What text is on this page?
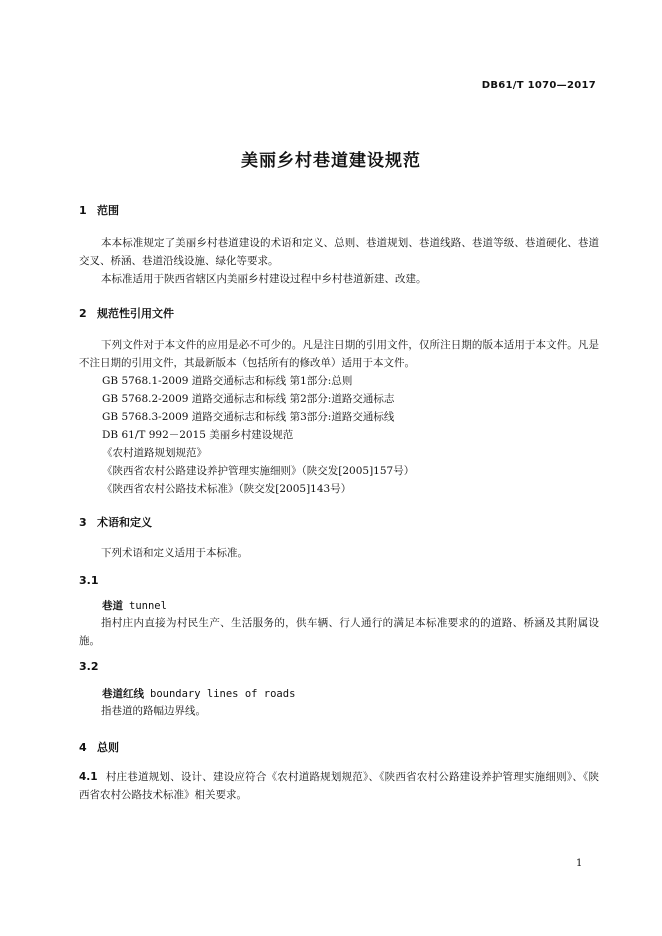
DB61/T 1070—2017
美丽乡村巷道建设规范
1 范围
本本标准规定了美丽乡村巷道建设的术语和定义、总则、巷道规划、巷道线路、巷道等级、巷道硬化、巷道交叉、桥涵、巷道沿线设施、绿化等要求。
本标准适用于陕西省辖区内美丽乡村建设过程中乡村巷道新建、改建。
2 规范性引用文件
下列文件对于本文件的应用是必不可少的。凡是注日期的引用文件，仅所注日期的版本适用于本文件。凡是不注日期的引用文件，其最新版本（包括所有的修改单）适用于本文件。
GB 5768.1-2009 道路交通标志和标线 第1部分:总则
GB 5768.2-2009 道路交通标志和标线 第2部分:道路交通标志
GB 5768.3-2009 道路交通标志和标线 第3部分:道路交通标线
DB 61/T 992－2015 美丽乡村建设规范
《农村道路规划规范》
《陕西省农村公路建设养护管理实施细则》（陕交发[2005]157号）
《陕西省农村公路技术标准》（陕交发[2005]143号）
3 术语和定义
下列术语和定义适用于本标准。
3.1
巷道 tunnel
指村庄内直接为村民生产、生活服务的，供车辆、行人通行的满足本标准要求的的道路、桥涵及其附属设施。
3.2
巷道红线 boundary lines of roads
指巷道的路幅边界线。
4 总则
4.1 村庄巷道规划、设计、建设应符合《农村道路规划规范》、《陕西省农村公路建设养护管理实施细则》、《陕西省农村公路技术标准》相关要求。
1
